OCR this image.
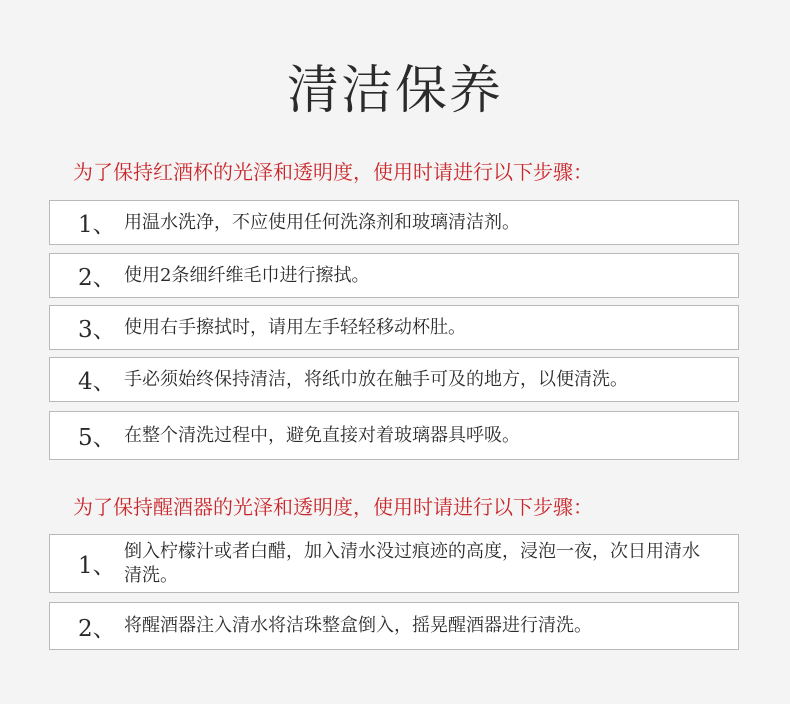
清洁保养
为了保持红酒杯的光泽和透明度，使用时请进行以下步骤：
1、 用温水洗净，不应使用任何洗涤剂和玻璃清洁剂。
2、 使用2条细纤维毛巾进行擦拭。
3、 使用右手擦拭时，请用左手轻轻移动杯肚。
4、 手必须始终保持清洁，将纸巾放在触手可及的地方，以便清洗。
5、 在整个清洗过程中，避免直接对着玻璃器具呼吸。
为了保持醒酒器的光泽和透明度，使用时请进行以下步骤：
1、
倒入柠檬汁或者白醋，加入清水没过痕迹的高度，浸泡一夜，次日用清水清洗。
2、 将醒酒器注入清水将洁珠整盒倒入，摇晃醒酒器进行清洗。
